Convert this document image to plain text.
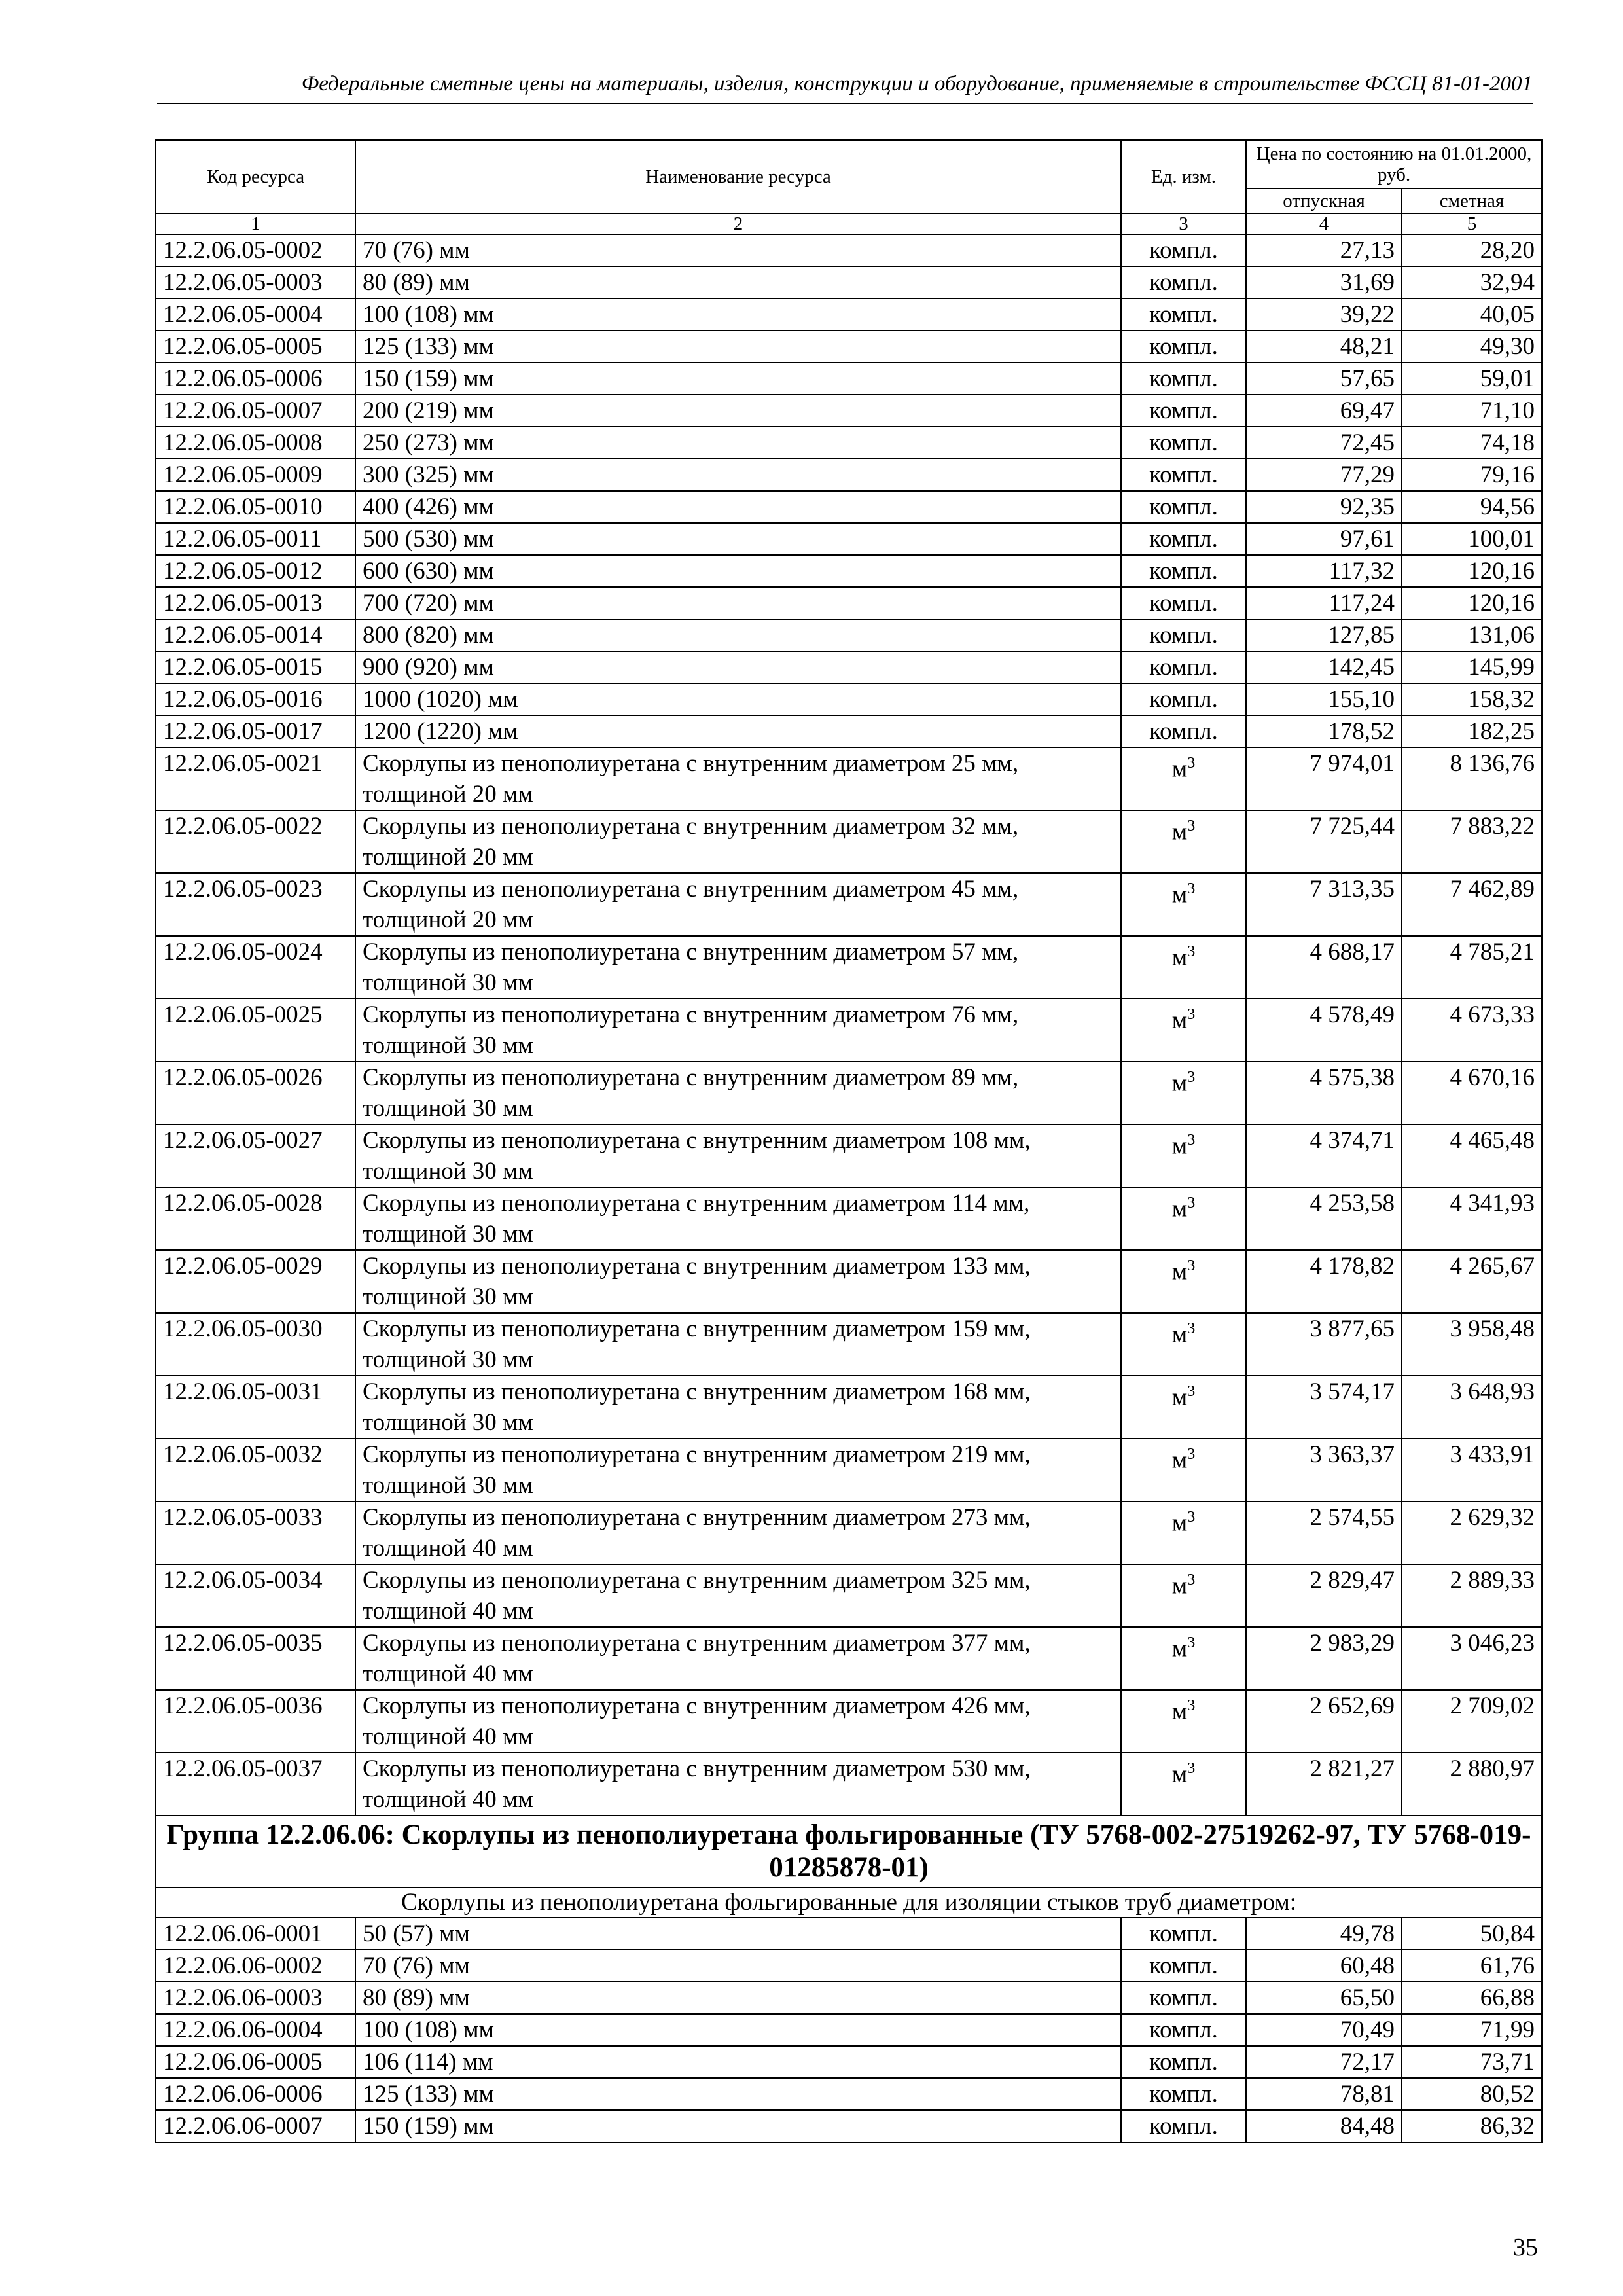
Федеральные сметные цены на материалы, изделия, конструкции и оборудование, применяемые в строительстве ФССЦ 81-01-2001
Код ресурса	Наименование ресурса	Ед. изм.	Цена по состоянию на 01.01.2000, руб.	
			отпускная	сметная
1	2	3	4	5
12.2.06.05-0002	70 (76) мм	компл.	27,13	28,20
12.2.06.05-0003	80 (89) мм	компл.	31,69	32,94
12.2.06.05-0004	100 (108) мм	компл.	39,22	40,05
12.2.06.05-0005	125 (133) мм	компл.	48,21	49,30
12.2.06.05-0006	150 (159) мм	компл.	57,65	59,01
12.2.06.05-0007	200 (219) мм	компл.	69,47	71,10
12.2.06.05-0008	250 (273) мм	компл.	72,45	74,18
12.2.06.05-0009	300 (325) мм	компл.	77,29	79,16
12.2.06.05-0010	400 (426) мм	компл.	92,35	94,56
12.2.06.05-0011	500 (530) мм	компл.	97,61	100,01
12.2.06.05-0012	600 (630) мм	компл.	117,32	120,16
12.2.06.05-0013	700 (720) мм	компл.	117,24	120,16
12.2.06.05-0014	800 (820) мм	компл.	127,85	131,06
12.2.06.05-0015	900 (920) мм	компл.	142,45	145,99
12.2.06.05-0016	1000 (1020) мм	компл.	155,10	158,32
12.2.06.05-0017	1200 (1220) мм	компл.	178,52	182,25
12.2.06.05-0021	Скорлупы из пенополиуретана с внутренним диаметром 25 мм, толщиной 20 мм	$м^3$	7 974,01	8 136,76
12.2.06.05-0022	Скорлупы из пенополиуретана с внутренним диаметром 32 мм, толщиной 20 мм	$м^3$	7 725,44	7 883,22
12.2.06.05-0023	Скорлупы из пенополиуретана с внутренним диаметром 45 мм, толщиной 20 мм	$м^3$	7 313,35	7 462,89
12.2.06.05-0024	Скорлупы из пенополиуретана с внутренним диаметром 57 мм, толщиной 30 мм	$м^3$	4 688,17	4 785,21
12.2.06.05-0025	Скорлупы из пенополиуретана с внутренним диаметром 76 мм, толщиной 30 мм	$м^3$	4 578,49	4 673,33
12.2.06.05-0026	Скорлупы из пенополиуретана с внутренним диаметром 89 мм, толщиной 30 мм	$м^3$	4 575,38	4 670,16
12.2.06.05-0027	Скорлупы из пенополиуретана с внутренним диаметром 108 мм, толщиной 30 мм	$м^3$	4 374,71	4 465,48
12.2.06.05-0028	Скорлупы из пенополиуретана с внутренним диаметром 114 мм, толщиной 30 мм	$м^3$	4 253,58	4 341,93
12.2.06.05-0029	Скорлупы из пенополиуретана с внутренним диаметром 133 мм, толщиной 30 мм	$м^3$	4 178,82	4 265,67
12.2.06.05-0030	Скорлупы из пенополиуретана с внутренним диаметром 159 мм, толщиной 30 мм	$м^3$	3 877,65	3 958,48
12.2.06.05-0031	Скорлупы из пенополиуретана с внутренним диаметром 168 мм, толщиной 30 мм	$м^3$	3 574,17	3 648,93
12.2.06.05-0032	Скорлупы из пенополиуретана с внутренним диаметром 219 мм, толщиной 30 мм	$м^3$	3 363,37	3 433,91
12.2.06.05-0033	Скорлупы из пенополиуретана с внутренним диаметром 273 мм, толщиной 40 мм	$м^3$	2 574,55	2 629,32
12.2.06.05-0034	Скорлупы из пенополиуретана с внутренним диаметром 325 мм, толщиной 40 мм	$м^3$	2 829,47	2 889,33
12.2.06.05-0035	Скорлупы из пенополиуретана с внутренним диаметром 377 мм, толщиной 40 мм	$м^3$	2 983,29	3 046,23
12.2.06.05-0036	Скорлупы из пенополиуретана с внутренним диаметром 426 мм, толщиной 40 мм	$м^3$	2 652,69	2 709,02
12.2.06.05-0037	Скорлупы из пенополиуретана с внутренним диаметром 530 мм, толщиной 40 мм	$м^3$	2 821,27	2 880,97
Группа 12.2.06.06: Скорлупы из пенополиуретана фольгированные (ТУ 5768-002-27519262-97, ТУ 5768-019-01285878-01)				
Скорлупы из пенополиуретана фольгированные для изоляции стыков труб диаметром:				
12.2.06.06-0001	50 (57) мм	компл.	49,78	50,84
12.2.06.06-0002	70 (76) мм	компл.	60,48	61,76
12.2.06.06-0003	80 (89) мм	компл.	65,50	66,88
12.2.06.06-0004	100 (108) мм	компл.	70,49	71,99
12.2.06.06-0005	106 (114) мм	компл.	72,17	73,71
12.2.06.06-0006	125 (133) мм	компл.	78,81	80,52
12.2.06.06-0007	150 (159) мм	компл.	84,48	86,32
35
